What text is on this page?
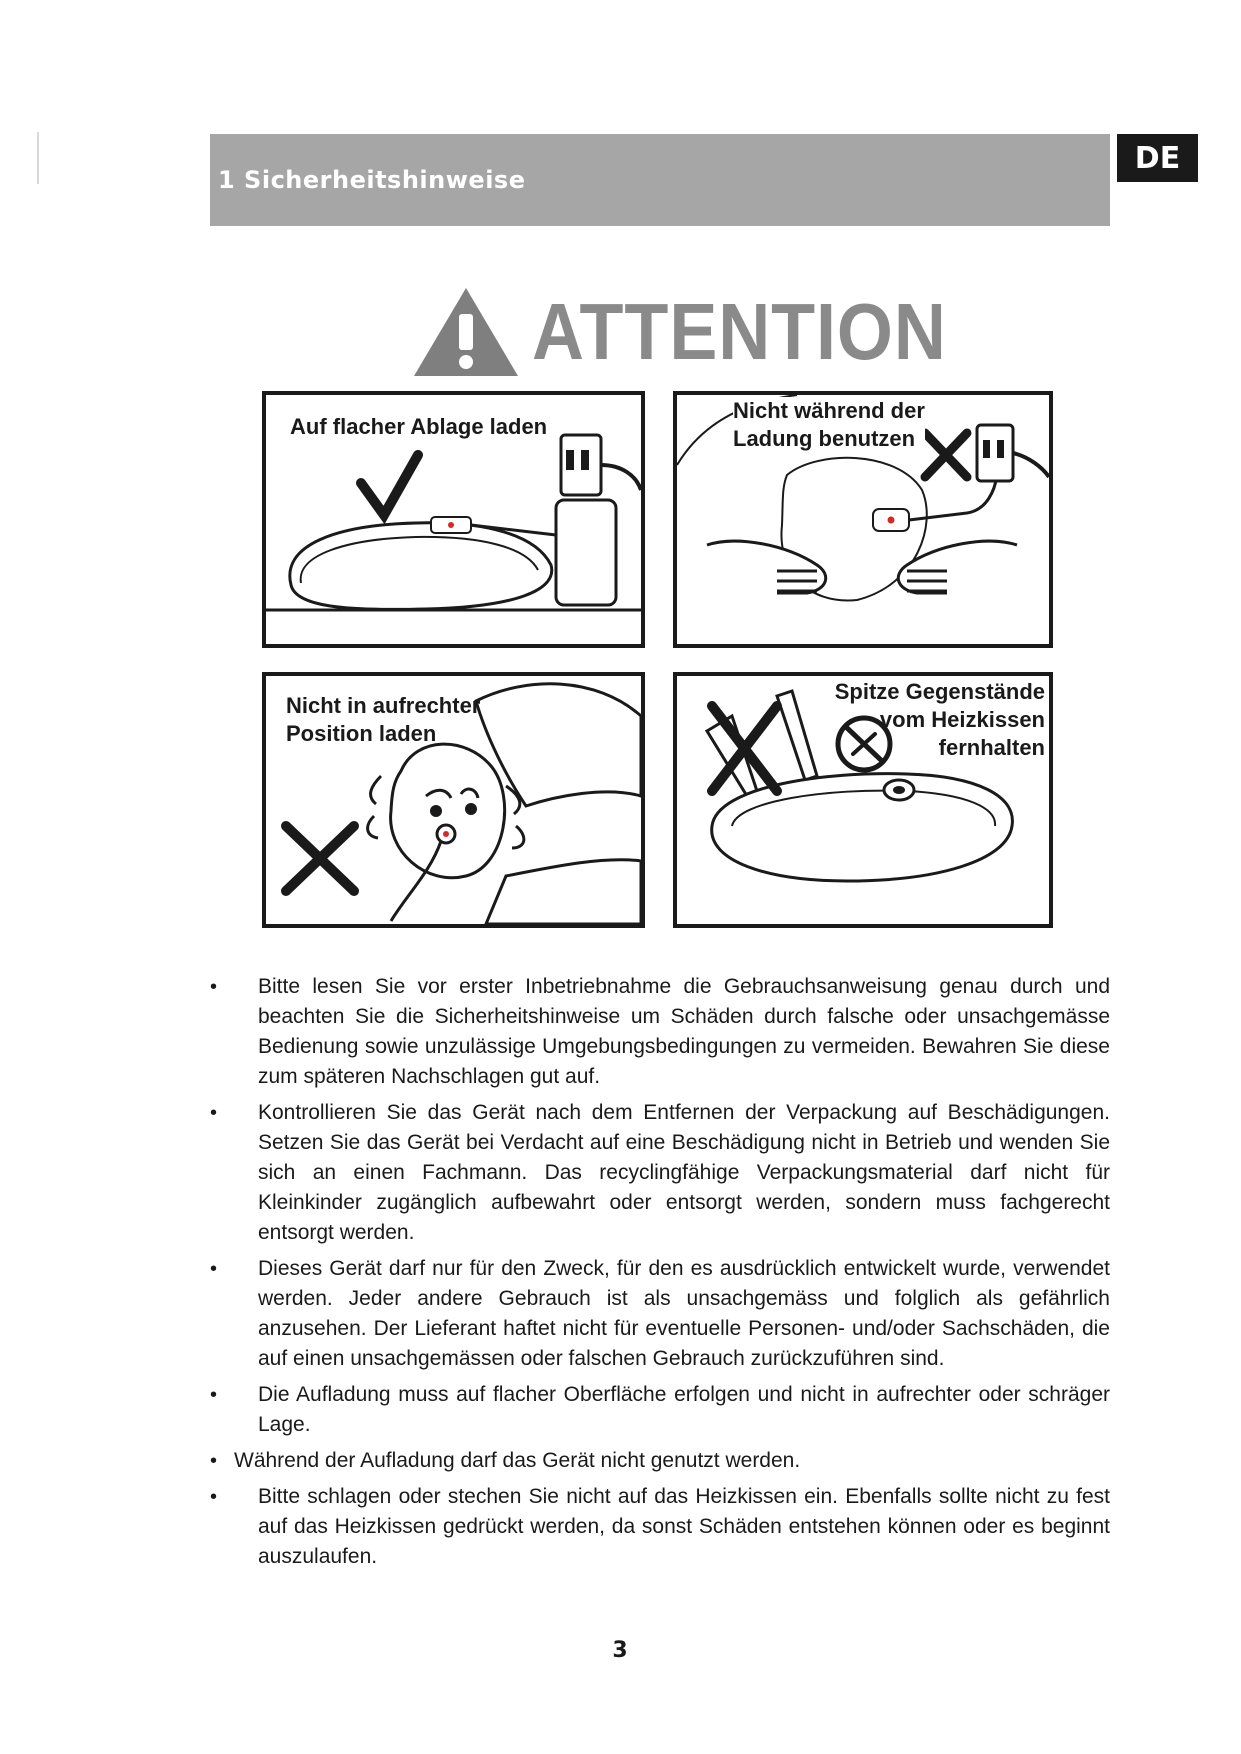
1 Sicherheitshinweise
DE
ATTENTION
Auf flacher Ablage laden
Nicht während der
Ladung benutzen
Nicht in aufrechter
Position laden
Spitze Gegenstände
vom Heizkissen
fernhalten
•	Bitte lesen Sie vor erster Inbetriebnahme die Gebrauchsanweisung genau durch und beachten Sie die Sicherheitshinweise um Schäden durch falsche oder unsachgemässe Bedienung sowie unzulässige Umgebungsbedingungen zu vermeiden. Bewahren Sie diese zum späteren Nachschlagen gut auf.
•	Kontrollieren Sie das Gerät nach dem Entfernen der Verpackung auf Beschädigungen. Setzen Sie das Gerät bei Verdacht auf eine Beschädigung nicht in Betrieb und wenden Sie sich an einen Fachmann. Das recyclingfähige Verpackungsmaterial darf nicht für Kleinkinder zugänglich aufbewahrt oder entsorgt werden, sondern muss fachgerecht entsorgt werden.
•	Dieses Gerät darf nur für den Zweck, für den es ausdrücklich entwickelt wurde, verwendet werden. Jeder andere Gebrauch ist als unsachgemäss und folglich als gefährlich anzusehen. Der Lieferant haftet nicht für eventuelle Personen- und/oder Sachschäden, die auf einen unsachgemässen oder falschen Gebrauch zurückzuführen sind.
•	Die Aufladung muss auf flacher Oberfläche erfolgen und nicht in aufrechter oder schräger Lage.
• Während der Aufladung darf das Gerät nicht genutzt werden.
•	Bitte schlagen oder stechen Sie nicht auf das Heizkissen ein. Ebenfalls sollte nicht zu fest auf das Heizkissen gedrückt werden, da sonst Schäden entstehen können oder es beginnt auszulaufen.
3
